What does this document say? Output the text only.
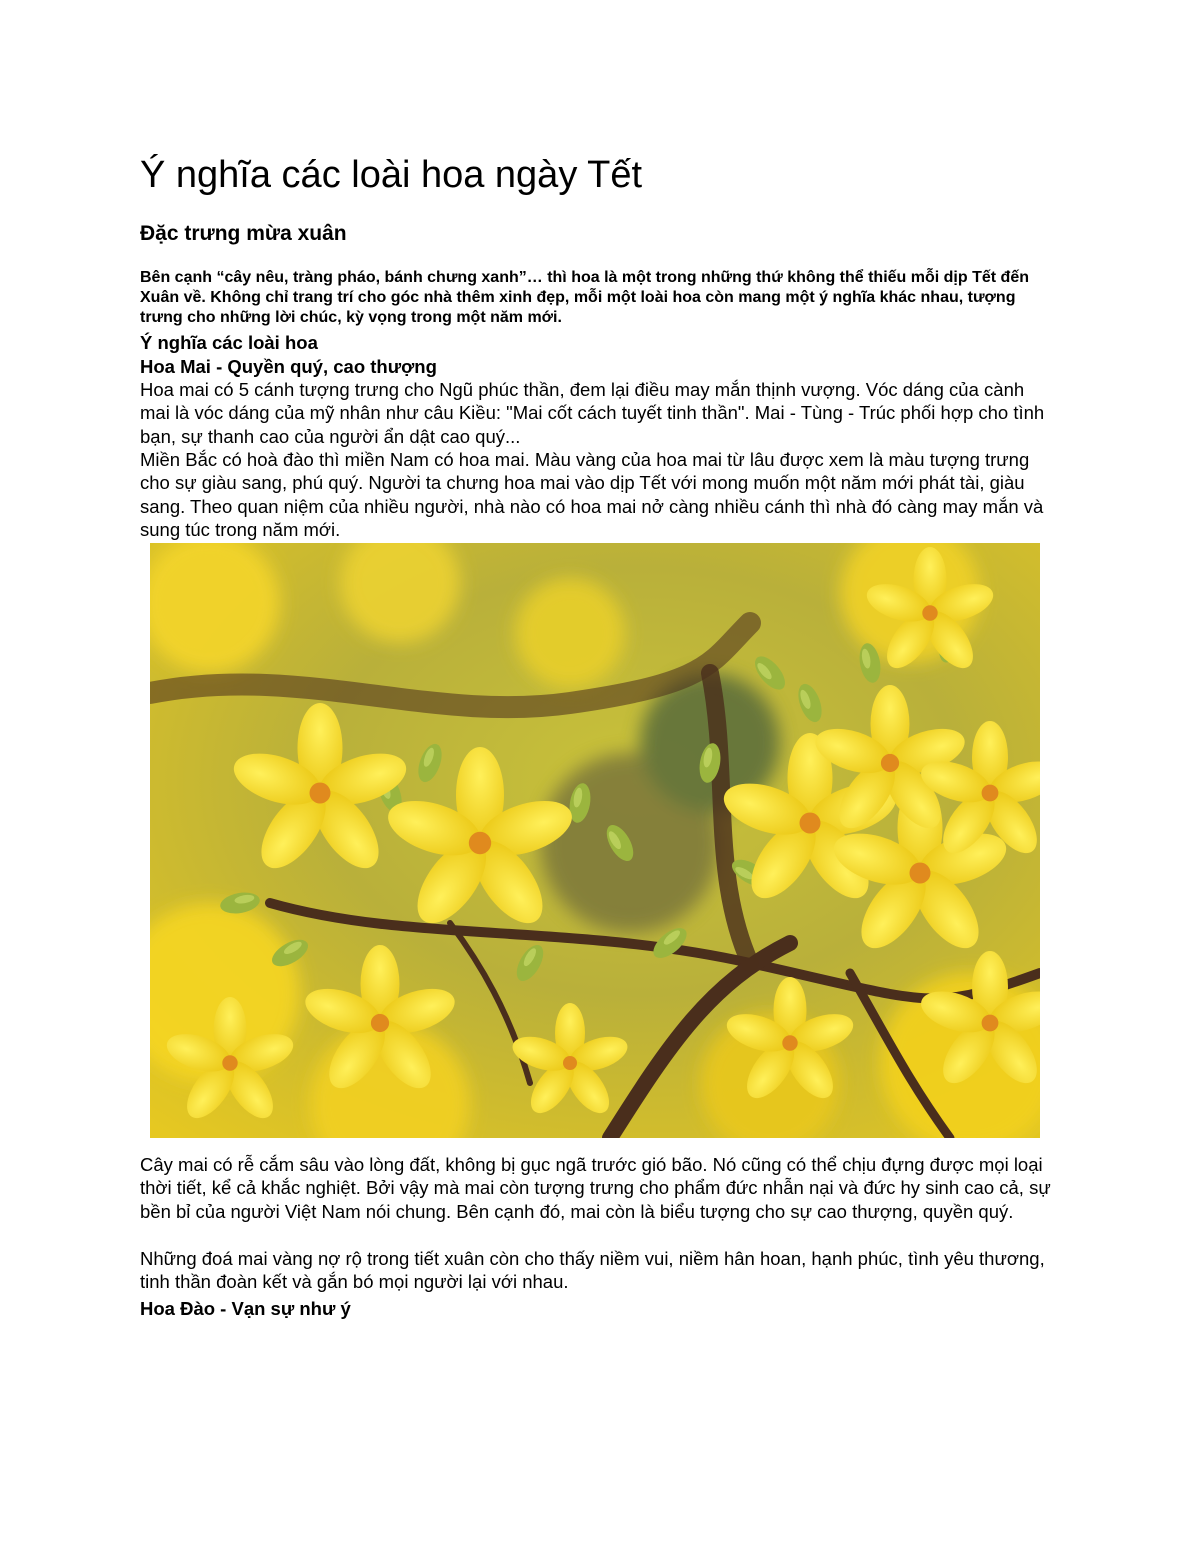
Ý nghĩa các loài hoa ngày Tết
Đặc trưng mừa xuân

Bên cạnh “cây nêu, tràng pháo, bánh chưng xanh”… thì hoa là một trong những thứ không thể thiếu mỗi dịp Tết đến Xuân về. Không chỉ trang trí cho góc nhà thêm xinh đẹp, mỗi một loài hoa còn mang một ý nghĩa khác nhau, tượng trưng cho những lời chúc, kỳ vọng trong một năm mới.

Ý nghĩa các loài hoa

Hoa Mai - Quyền quý, cao thượng

Hoa mai có 5 cánh tượng trưng cho Ngũ phúc thần, đem lại điều may mắn thịnh vượng. Vóc dáng của cành mai là vóc dáng của mỹ nhân như câu Kiều: "Mai cốt cách tuyết tinh thần". Mai - Tùng - Trúc phối hợp cho tình bạn, sự thanh cao của người ẩn dật cao quý...

Miền Bắc có hoà đào thì miền Nam có hoa mai. Màu vàng của hoa mai từ lâu được xem là màu tượng trưng cho sự giàu sang, phú quý. Người ta chưng hoa mai vào dịp Tết với mong muốn một năm mới phát tài, giàu sang. Theo quan niệm của nhiều người, nhà nào có hoa mai nở càng nhiều cánh thì nhà đó càng may mắn và sung túc trong năm mới.

Cây mai có rễ cắm sâu vào lòng đất, không bị gục ngã trước gió bão. Nó cũng có thể chịu đựng được mọi loại thời tiết, kể cả khắc nghiệt. Bởi vậy mà mai còn tượng trưng cho phẩm đức nhẫn nại và đức hy sinh cao cả, sự bền bỉ của người Việt Nam nói chung. Bên cạnh đó, mai còn là biểu tượng cho sự cao thượng, quyền quý.

Những đoá mai vàng nợ rộ trong tiết xuân còn cho thấy niềm vui, niềm hân hoan, hạnh phúc, tình yêu thương, tinh thần đoàn kết và gắn bó mọi người lại với nhau.

Hoa Đào - Vạn sự như ý
